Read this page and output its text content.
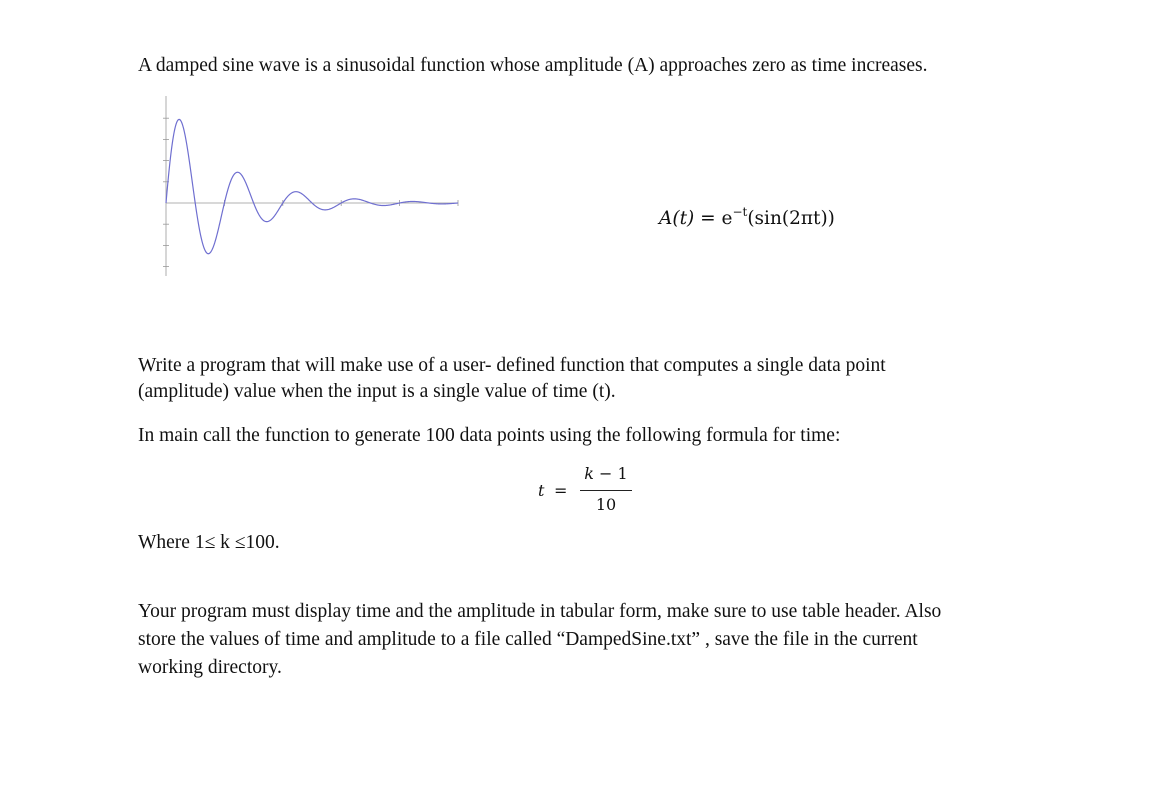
A damped sine wave is a sinusoidal function whose amplitude (A) approaches zero as time increases.
$A(t) = e^{-t}(\sin(2\pi t))$
Write a program that will make use of a user- defined function that computes a single data point
(amplitude) value when the input is a single value of time (t).
In main call the function to generate 100 data points using the following formula for time:
t =
k − 1
10
Where 1≤ k ≤100.
Your program must display time and the amplitude in tabular form, make sure to use table header. Also
store the values of time and amplitude to a file called “DampedSine.txt” , save the file in the current
working directory.
